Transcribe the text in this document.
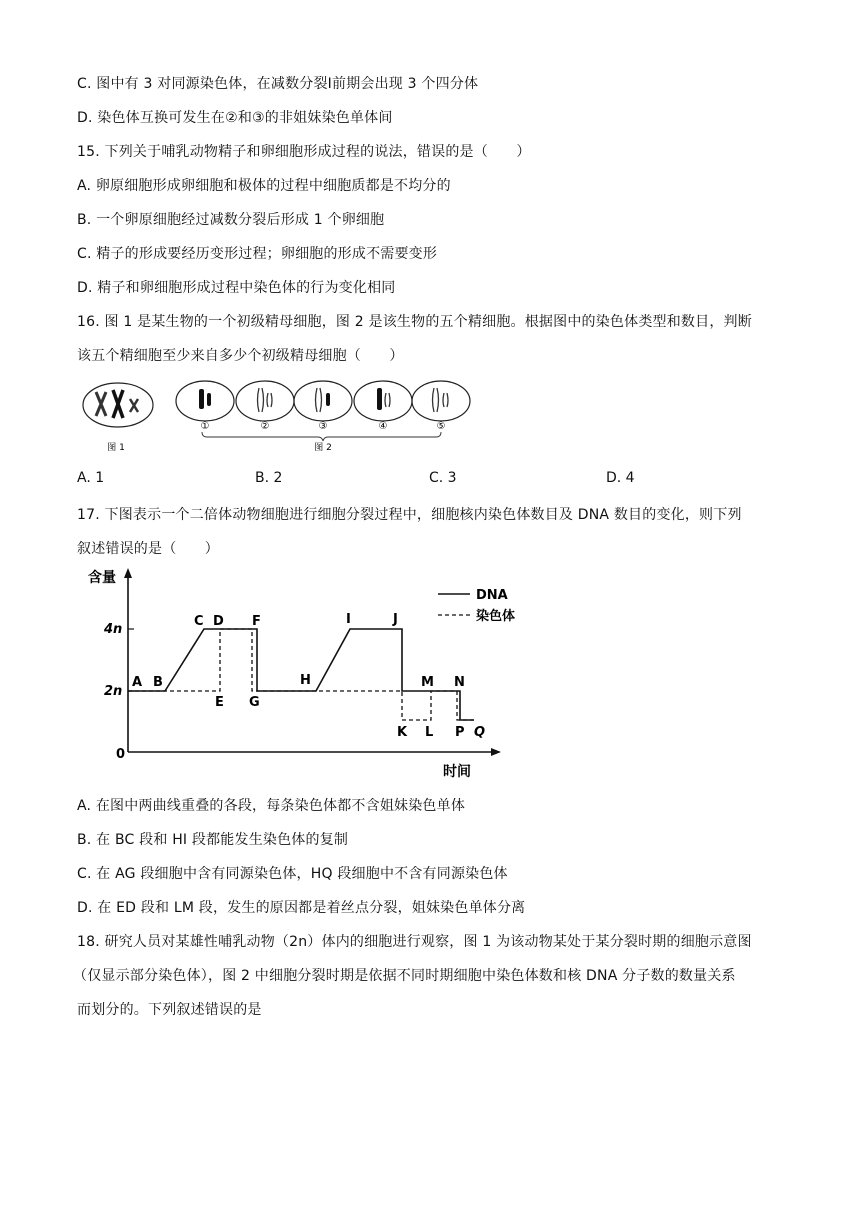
C. 图中有 3 对同源染色体，在减数分裂Ⅰ前期会出现 3 个四分体
D. 染色体互换可发生在②和③的非姐妹染色单体间
15. 下列关于哺乳动物精子和卵细胞形成过程的说法，错误的是（　　）
A. 卵原细胞形成卵细胞和极体的过程中细胞质都是不均分的
B. 一个卵原细胞经过减数分裂后形成 1 个卵细胞
C. 精子的形成要经历变形过程；卵细胞的形成不需要变形
D. 精子和卵细胞形成过程中染色体的行为变化相同
16. 图 1 是某生物的一个初级精母细胞，图 2 是该生物的五个精细胞。根据图中的染色体类型和数目，判断
该五个精细胞至少来自多少个初级精母细胞（　　）
图 1
①	②	③	④	⑤
图 2
A. 1	B. 2	C. 3	D. 4
17. 下图表示一个二倍体动物细胞进行细胞分裂过程中，细胞核内染色体数目及 DNA 数目的变化，则下列
叙述错误的是（　　）
含量
时间
4n
2n
0
A B
C D F
H
I	J
M N
E G
K L P Q
DNA
染色体
A. 在图中两曲线重叠的各段，每条染色体都不含姐妹染色单体
B. 在 BC 段和 HI 段都能发生染色体的复制
C. 在 AG 段细胞中含有同源染色体，HQ 段细胞中不含有同源染色体
D. 在 ED 段和 LM 段，发生的原因都是着丝点分裂，姐妹染色单体分离
18. 研究人员对某雄性哺乳动物（2n）体内的细胞进行观察，图 1 为该动物某处于某分裂时期的细胞示意图
（仅显示部分染色体），图 2 中细胞分裂时期是依据不同时期细胞中染色体数和核 DNA 分子数的数量关系
而划分的。下列叙述错误的是
